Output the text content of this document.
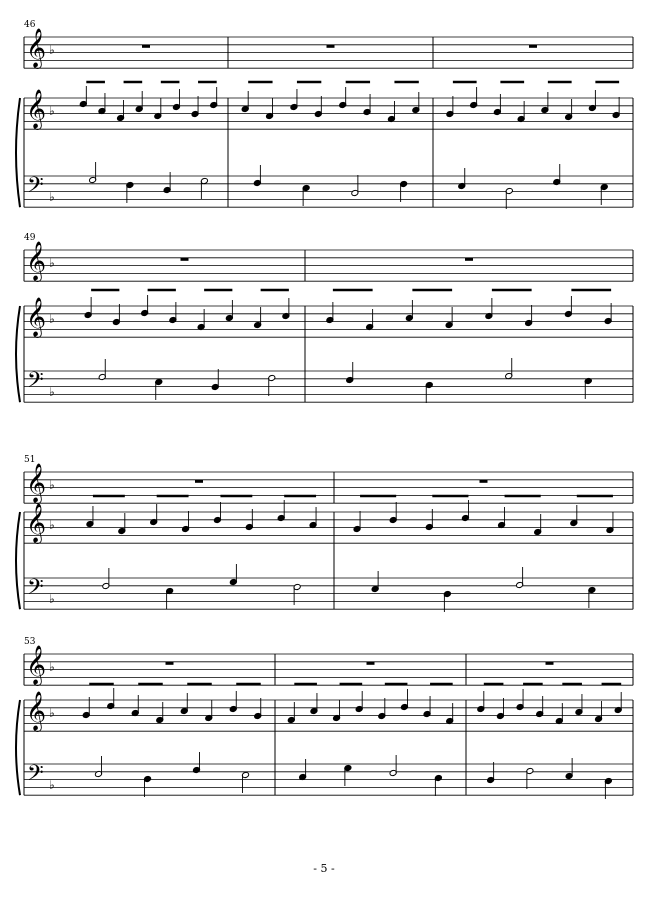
46
𝄞
𝄞
𝄢
♭
♭
♭
49
𝄞
𝄞
𝄢
♭
♭
♭
51
𝄞
𝄞
𝄢
♭
♭
♭
53
𝄞
𝄞
𝄢
♭
♭
♭
- 5 -
